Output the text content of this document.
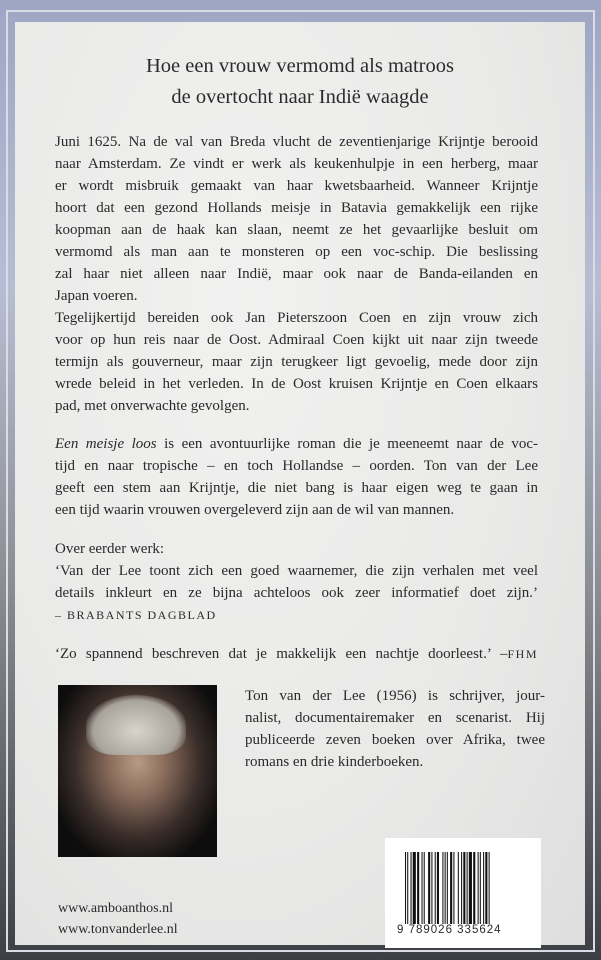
Hoe een vrouw vermomd als matroos
de overtocht naar Indië waagde
Juni 1625. Na de val van Breda vlucht de zeventienjarige Krijntje berooid
naar Amsterdam. Ze vindt er werk als keukenhulpje in een herberg, maar
er wordt misbruik gemaakt van haar kwetsbaarheid. Wanneer Krijntje
hoort dat een gezond Hollands meisje in Batavia gemakkelijk een rijke
koopman aan de haak kan slaan, neemt ze het gevaarlijke besluit om
vermomd als man aan te monsteren op een voc-schip. Die beslissing
zal haar niet alleen naar Indië, maar ook naar de Banda-eilanden en
Japan voeren.
Tegelijkertijd bereiden ook Jan Pieterszoon Coen en zijn vrouw zich
voor op hun reis naar de Oost. Admiraal Coen kijkt uit naar zijn tweede
termijn als gouverneur, maar zijn terugkeer ligt gevoelig, mede door zijn
wrede beleid in het verleden. In de Oost kruisen Krijntje en Coen elkaars
pad, met onverwachte gevolgen.
Een meisje loos is een avontuurlijke roman die je meeneemt naar de voc-
tijd en naar tropische – en toch Hollandse – oorden. Ton van der Lee
geeft een stem aan Krijntje, die niet bang is haar eigen weg te gaan in
een tijd waarin vrouwen overgeleverd zijn aan de wil van mannen.
Over eerder werk:
‘Van der Lee toont zich een goed waarnemer, die zijn verhalen met veel
details inkleurt en ze bijna achteloos ook zeer informatief doet zijn.’
– BRABANTS DAGBLAD
‘Zo spannend beschreven dat je makkelijk een nachtje doorleest.’ –FHM
Ton van der Lee (1956) is schrijver, jour-
nalist, documentairemaker en scenarist. Hij
publiceerde zeven boeken over Afrika, twee
romans en drie kinderboeken.
www.amboanthos.nl
www.tonvanderlee.nl	9 789026 335624
